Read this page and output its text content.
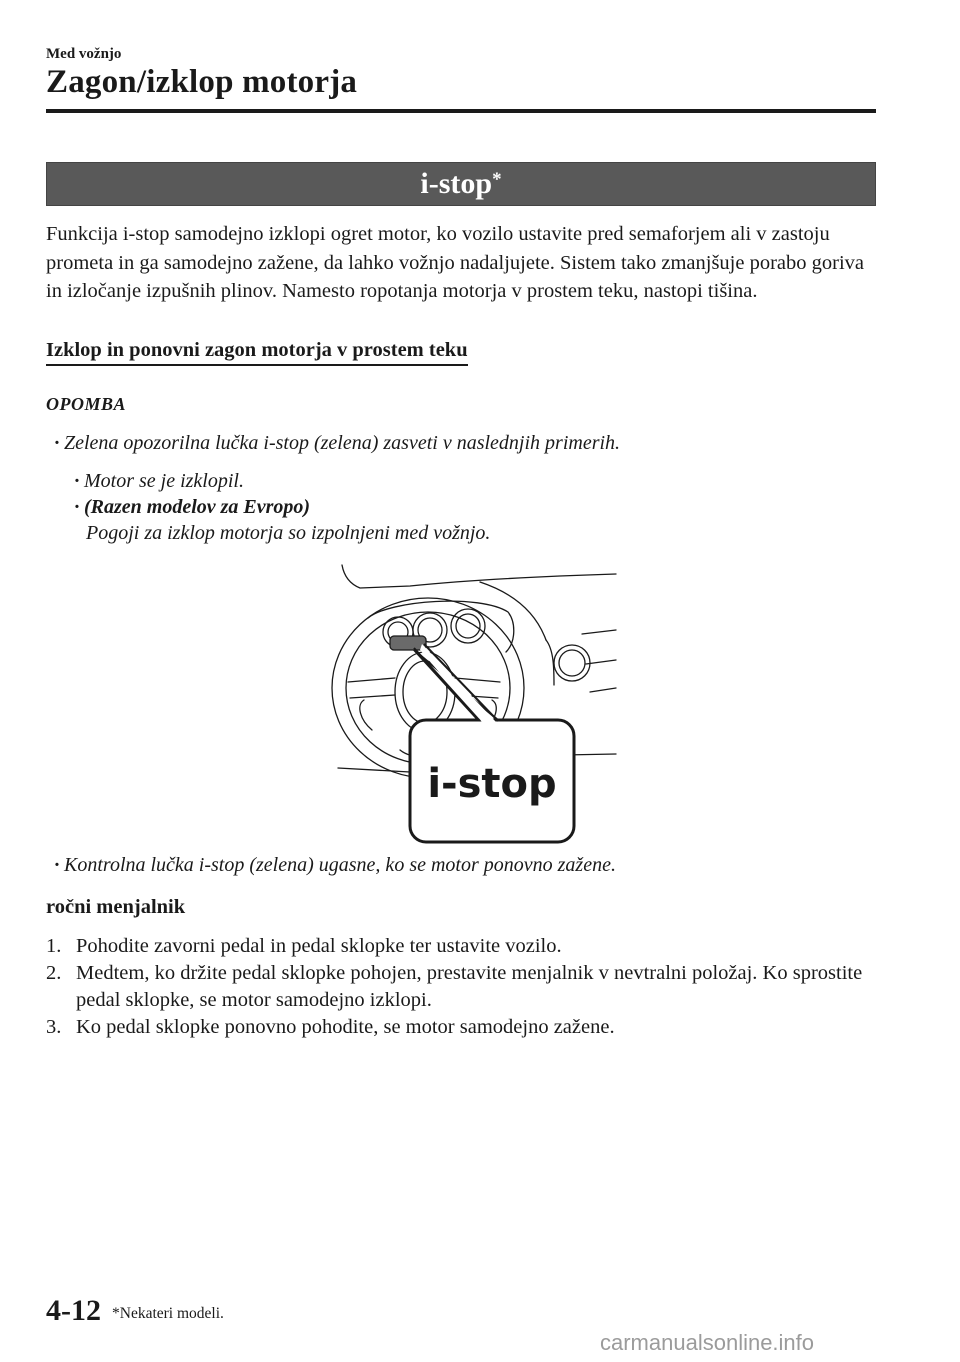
Med vožnjo
Zagon/izklop motorja
i-stop*
Funkcija i-stop samodejno izklopi ogret motor, ko vozilo ustavite pred semaforjem ali v zastoju prometa in ga samodejno zažene, da lahko vožnjo nadaljujete. Sistem tako zmanjšuje porabo goriva in izločanje izpušnih plinov. Namesto ropotanja motorja v prostem teku, nastopi tišina.
Izklop in ponovni zagon motorja v prostem teku
OPOMBA
· Zelena opozorilna lučka i-stop (zelena) zasveti v naslednjih primerih.
· Motor se je izklopil.
· (Razen modelov za Evropo)
Pogoji za izklop motorja so izpolnjeni med vožnjo.
i-stop
· Kontrolna lučka i-stop (zelena) ugasne, ko se motor ponovno zažene.
ročni menjalnik
1. Pohodite zavorni pedal in pedal sklopke ter ustavite vozilo.
2. Medtem, ko držite pedal sklopke pohojen, prestavite menjalnik v nevtralni položaj. Ko sprostite pedal sklopke, se motor samodejno izklopi.
3. Ko pedal sklopke ponovno pohodite, se motor samodejno zažene.
4-12 *Nekateri modeli.
carmanualsonline.info
